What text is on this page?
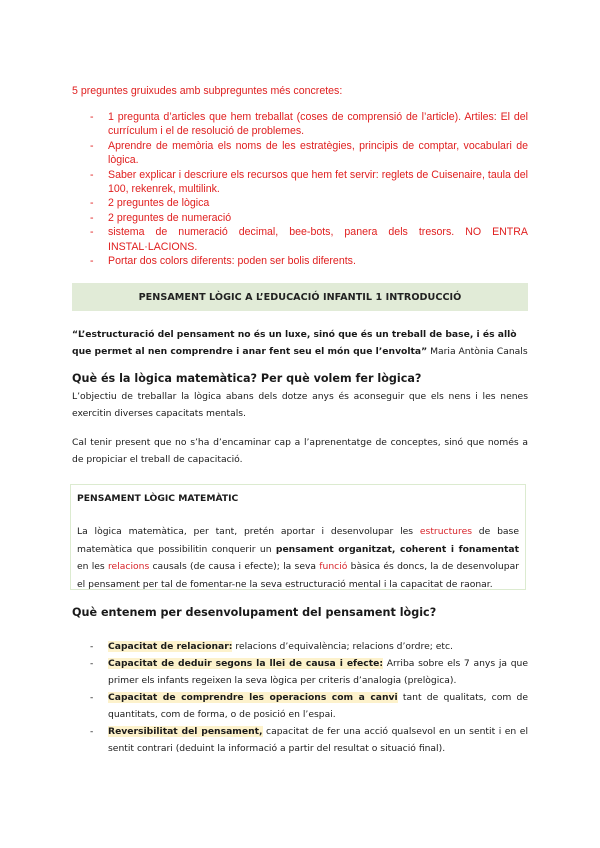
5 preguntes gruixudes amb subpreguntes més concretes:
- 1 pregunta d’articles que hem treballat (coses de comprensió de l’article). Artiles: El del currículum i el de resolució de problemes.
- Aprendre de memòria els noms de les estratègies, principis de comptar, vocabulari de lògica.
- Saber explicar i descriure els recursos que hem fet servir: reglets de Cuisenaire, taula del 100, rekenrek, multilink.
- 2 preguntes de lògica
- 2 preguntes de numeració
- sistema de numeració decimal, bee-bots, panera dels tresors. NO ENTRA INSTAL·LACIONS.
- Portar dos colors diferents: poden ser bolis diferents.
PENSAMENT LÒGIC A L’EDUCACIÓ INFANTIL 1 INTRODUCCIÓ
“L’estructuració del pensament no és un luxe, sinó que és un treball de base, i és allò que permet al nen comprendre i anar fent seu el món que l’envolta” Maria Antònia Canals
Què és la lògica matemàtica? Per què volem fer lògica?
L’objectiu de treballar la lògica abans dels dotze anys és aconseguir que els nens i les nenes exercitin diverses capacitats mentals.
Cal tenir present que no s’ha d’encaminar cap a l’aprenentatge de conceptes, sinó que només a de propiciar el treball de capacitació.
PENSAMENT LÒGIC MATEMÀTIC
La lògica matemàtica, per tant, pretén aportar i desenvolupar les estructures de base matemàtica que possibilitin conquerir un pensament organitzat, coherent i fonamentat en les relacions causals (de causa i efecte); la seva funció bàsica és doncs, la de desenvolupar el pensament per tal de fomentar-ne la seva estructuració mental i la capacitat de raonar.
Què entenem per desenvolupament del pensament lògic?
- Capacitat de relacionar: relacions d’equivalència; relacions d’ordre; etc.
- Capacitat de deduir segons la llei de causa i efecte: Arriba sobre els 7 anys ja que primer els infants regeixen la seva lògica per criteris d’analogia (prelògica).
- Capacitat de comprendre les operacions com a canvi tant de qualitats, com de quantitats, com de forma, o de posició en l’espai.
- Reversibilitat del pensament, capacitat de fer una acció qualsevol en un sentit i en el sentit contrari (deduint la informació a partir del resultat o situació final).
